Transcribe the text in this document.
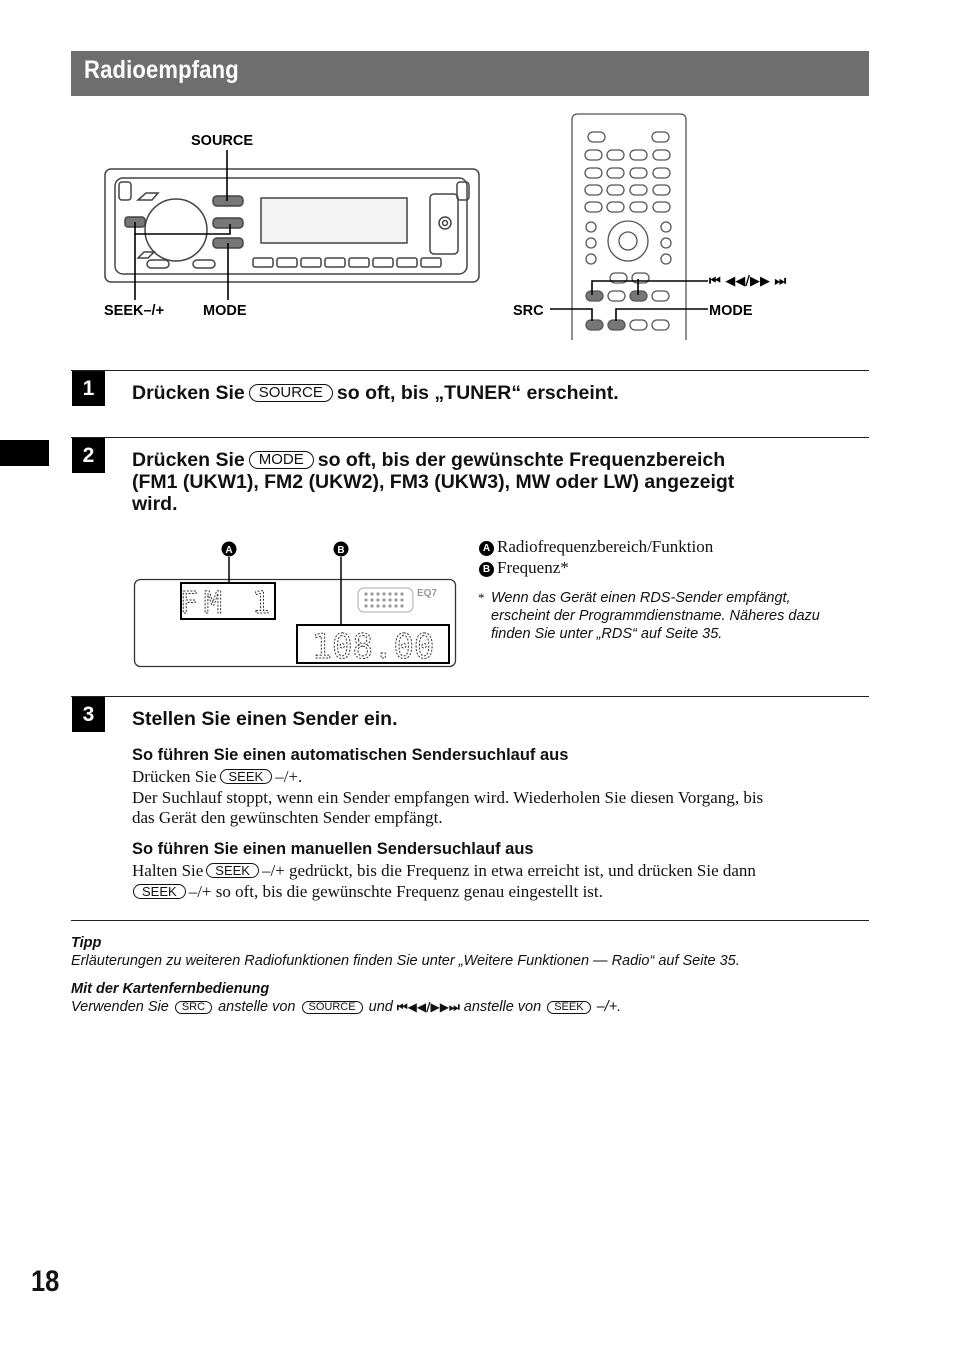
Radioempfang
SOURCE
SEEK–/+	MODE
⏮ ◀◀/▶▶ ⏭
SRC	MODE
1	Drücken Sie SOURCE so oft, bis „TUNER“ erscheint.
2	Drücken Sie MODE so oft, bis der gewünschte Frequenzbereich
(FM1 (UKW1), FM2 (UKW2), FM3 (UKW3), MW oder LW) angezeigt
wird.
A	B
FM 1
108.00
EQ7
A Radiofrequenzbereich/Funktion
B Frequenz*
* Wenn das Gerät einen RDS-Sender empfängt,
erscheint der Programmdienstname. Näheres dazu
finden Sie unter „RDS“ auf Seite 35.
3	Stellen Sie einen Sender ein.
So führen Sie einen automatischen Sendersuchlauf aus
Drücken Sie SEEK –/+.
Der Suchlauf stoppt, wenn ein Sender empfangen wird. Wiederholen Sie diesen Vorgang, bis
das Gerät den gewünschten Sender empfängt.
So führen Sie einen manuellen Sendersuchlauf aus
Halten Sie SEEK –/+ gedrückt, bis die Frequenz in etwa erreicht ist, und drücken Sie dann
SEEK –/+ so oft, bis die gewünschte Frequenz genau eingestellt ist.
Tipp
Erläuterungen zu weiteren Radiofunktionen finden Sie unter „Weitere Funktionen — Radio“ auf Seite 35.
Mit der Kartenfernbedienung
Verwenden Sie SRC anstelle von SOURCE und ⏮◀◀/▶▶⏭ anstelle von SEEK –/+.
18
